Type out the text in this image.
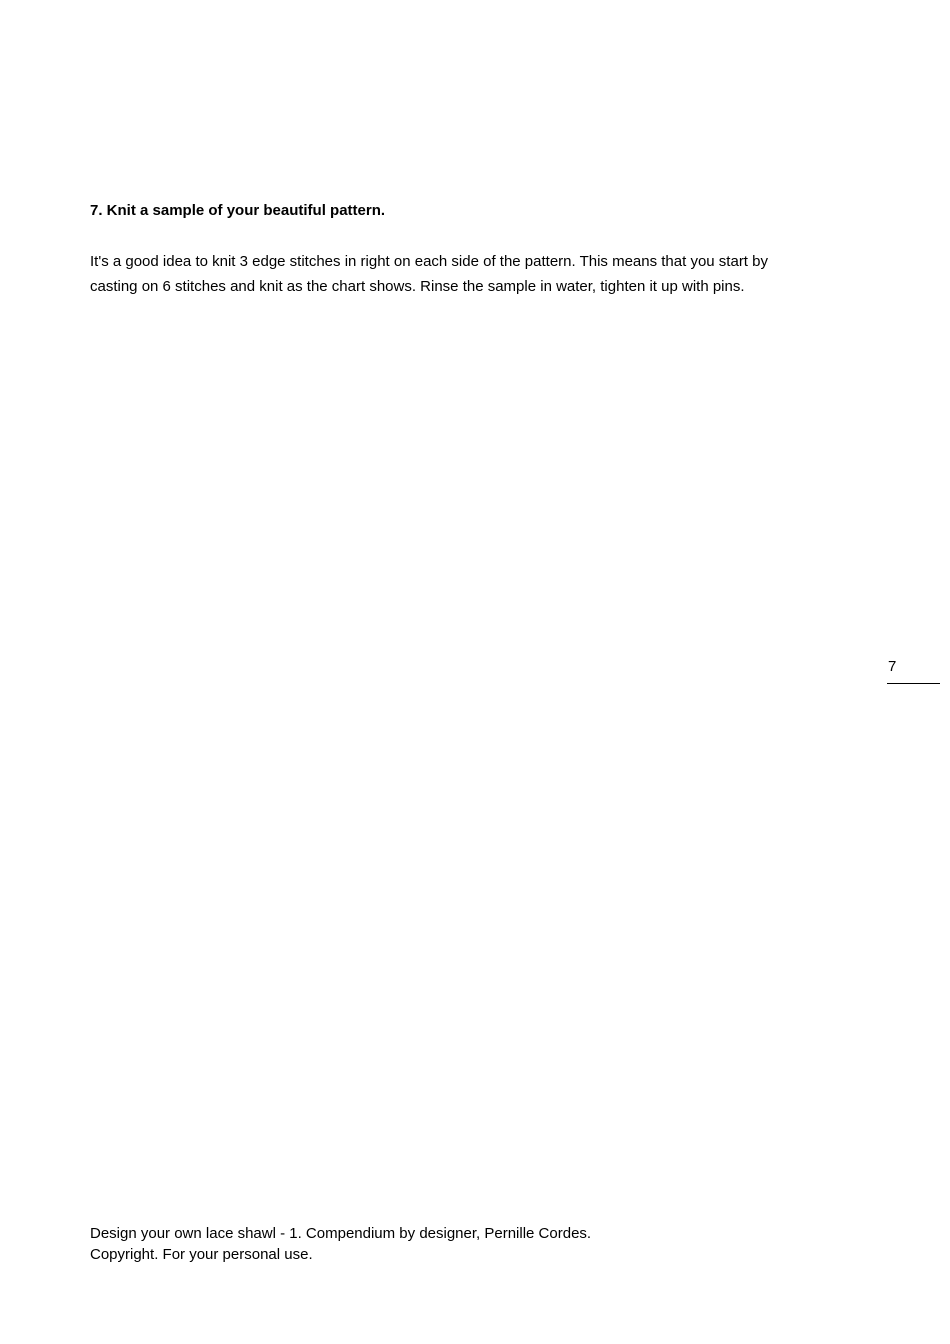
7. Knit a sample of your beautiful pattern.

It's a good idea to knit 3 edge stitches in right on each side of the pattern. This means that you start by
casting on 6 stitches and knit as the chart shows. Rinse the sample in water, tighten it up with pins.

7

Design your own lace shawl - 1. Compendium by designer, Pernille Cordes.
Copyright. For your personal use.
